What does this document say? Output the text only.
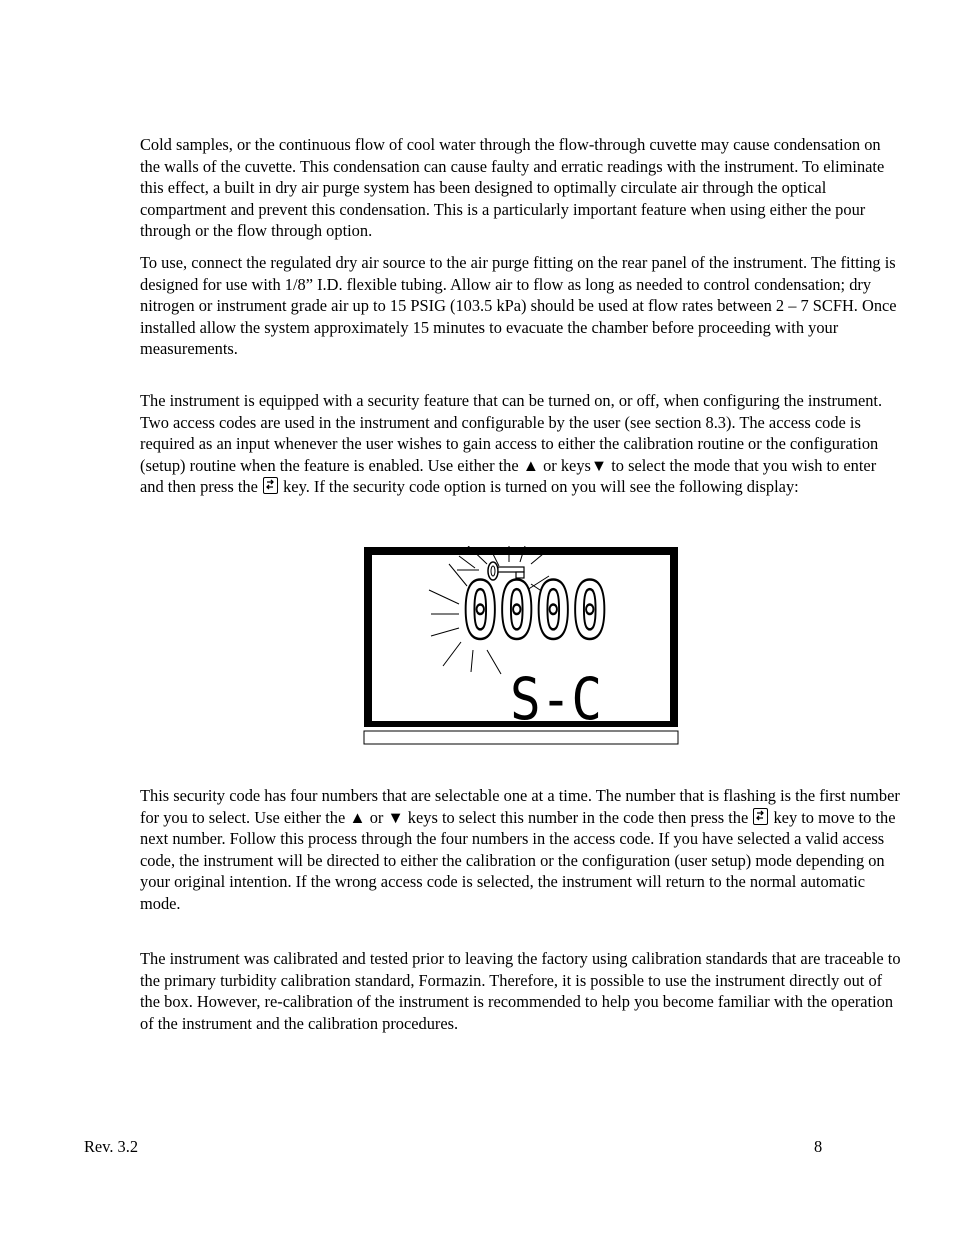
Cold samples, or the continuous flow of cool water through the flow-through cuvette may cause condensation on the walls of the cuvette. This condensation can cause faulty and erratic readings with the instrument. To eliminate this effect, a built in dry air purge system has been designed to optimally circulate air through the optical compartment and prevent this condensation. This is a particularly important feature when using either the pour through or the flow through option.

To use, connect the regulated dry air source to the air purge fitting on the rear panel of the instrument. The fitting is designed for use with 1/8” I.D. flexible tubing. Allow air to flow as long as needed to control condensation; dry nitrogen or instrument grade air up to 15 PSIG (103.5 kPa) should be used at flow rates between 2 – 7 SCFH. Once installed allow the system approximately 15 minutes to evacuate the chamber before proceeding with your measurements.

The instrument is equipped with a security feature that can be turned on, or off, when configuring the instrument. Two access codes are used in the instrument and configurable by the user (see section 8.3). The access code is required as an input whenever the user wishes to gain access to either the calibration routine or the configuration (setup) routine when the feature is enabled. Use either the ▲ or keys▼ to select the mode that you wish to enter and then press the
key. If the security code option is turned on you will see the following display:

0000
S-C

This security code has four numbers that are selectable one at a time. The number that is flashing is the first number for you to select. Use either the ▲ or ▼ keys to select this number in the code then press the
key to move to the next number. Follow this process through the four numbers in the access code. If you have selected a valid access code, the instrument will be directed to either the calibration or the configuration (user setup) mode depending on your original intention. If the wrong access code is selected, the instrument will return to the normal automatic mode.

The instrument was calibrated and tested prior to leaving the factory using calibration standards that are traceable to the primary turbidity calibration standard, Formazin. Therefore, it is possible to use the instrument directly out of the box. However, re-calibration of the instrument is recommended to help you become familiar with the operation of the instrument and the calibration procedures.

Rev. 3.2	8
